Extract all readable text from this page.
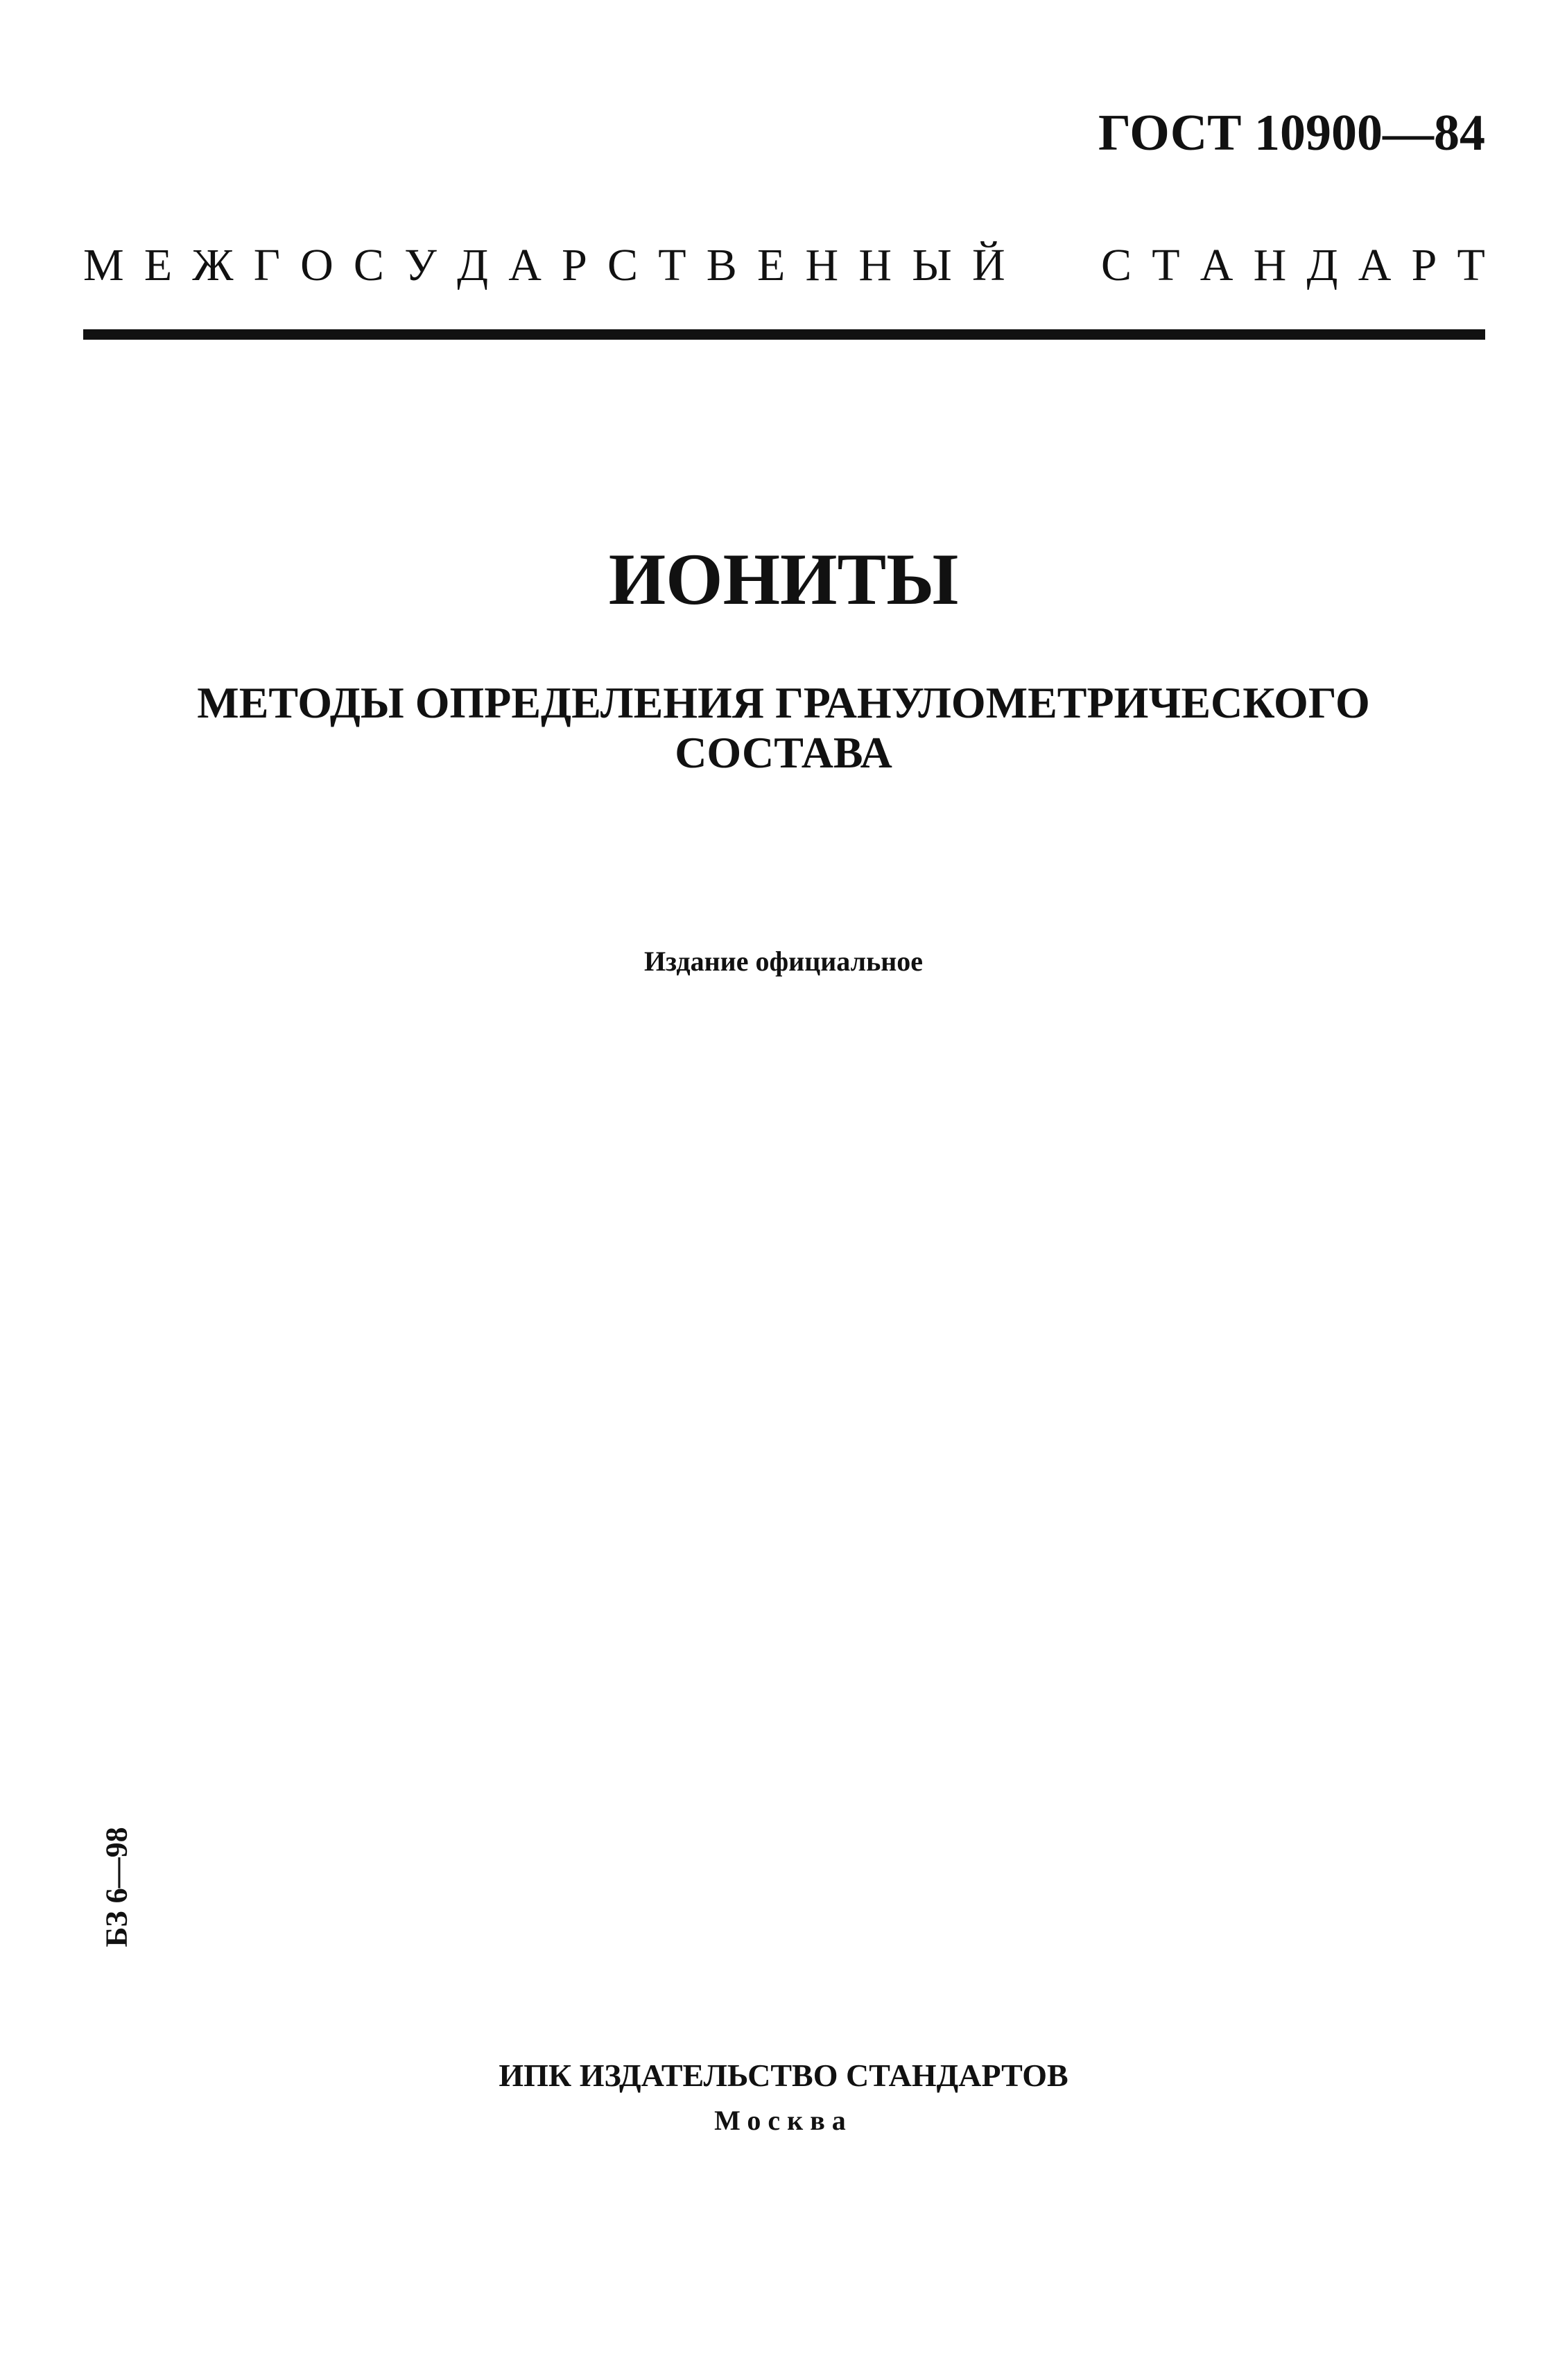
ГОСТ 10900—84
М Е Ж Г О С У Д А Р С Т В Е Н Н Ы Й С Т А Н Д А Р Т
ИОНИТЫ
МЕТОДЫ ОПРЕДЕЛЕНИЯ ГРАНУЛОМЕТРИЧЕСКОГО
СОСТАВА
Издание официальное
БЗ 6—98
ИПК ИЗДАТЕЛЬСТВО СТАНДАРТОВ
Москва
